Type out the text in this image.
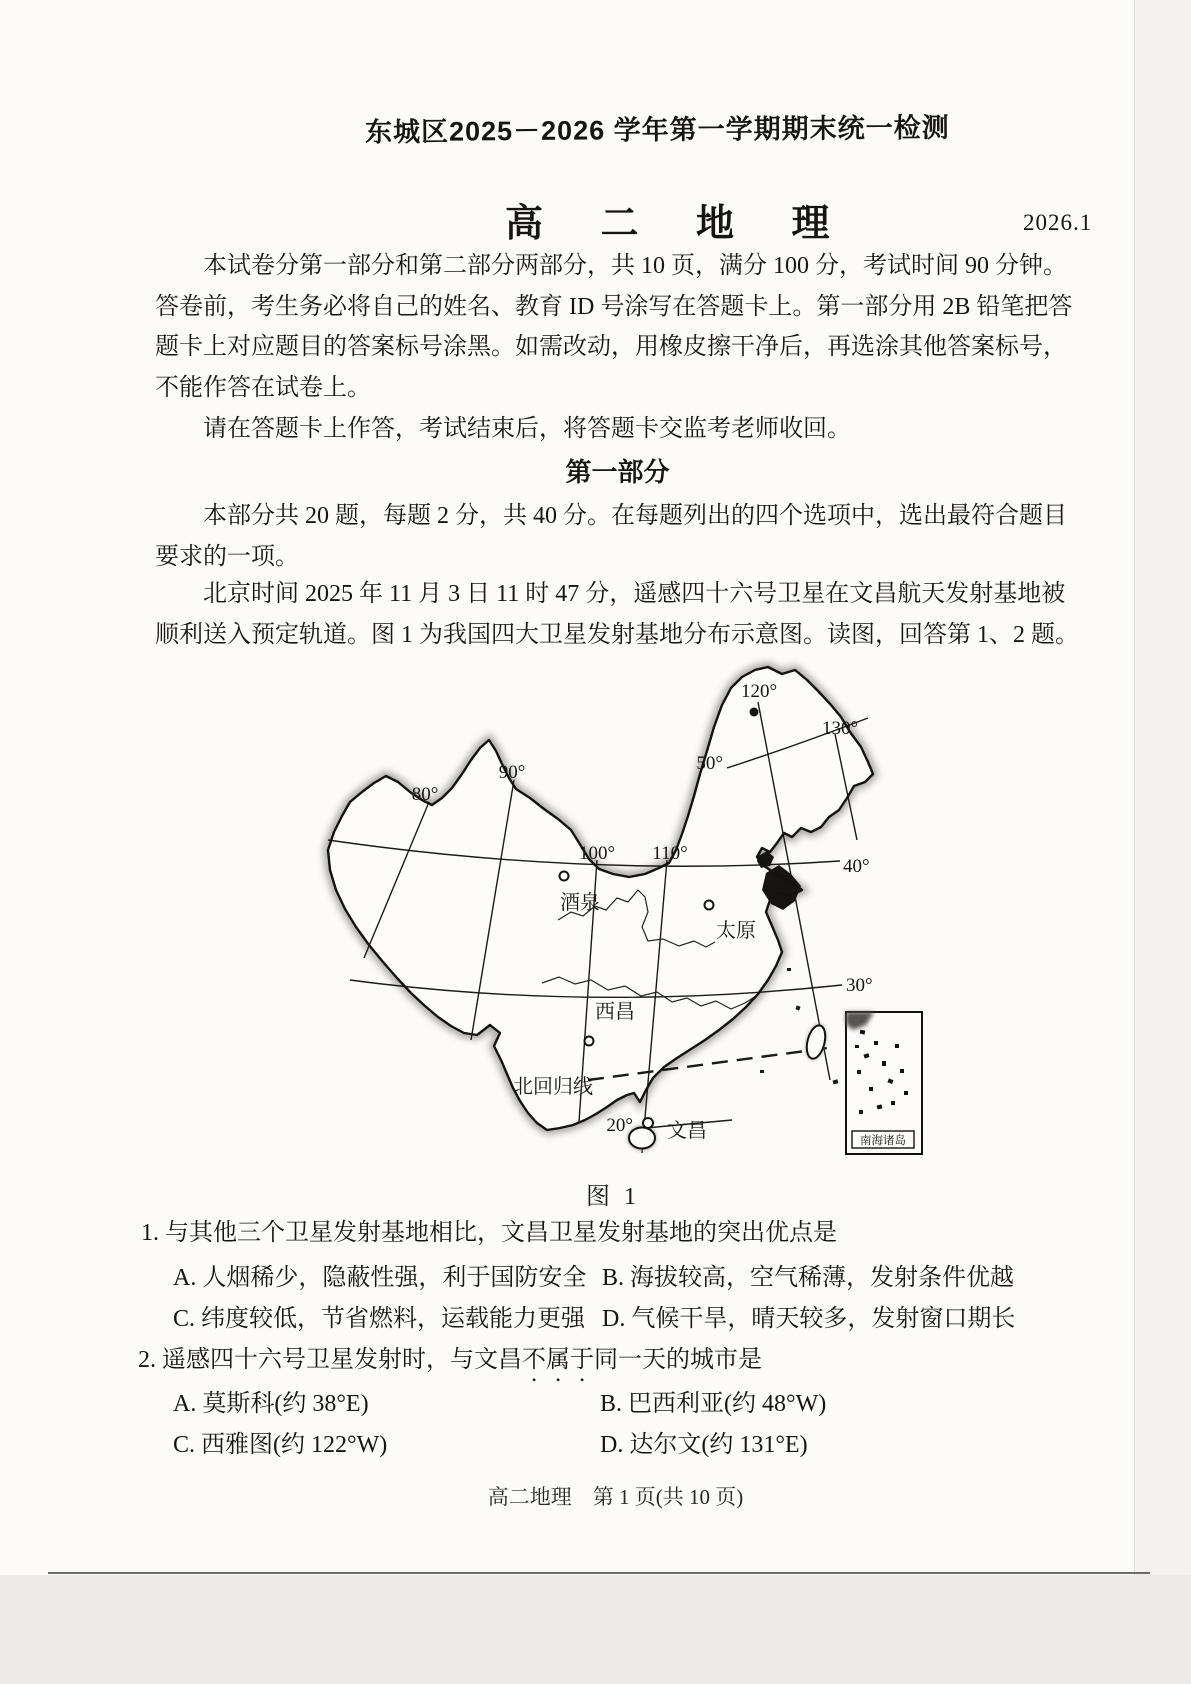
东城区2025－2026 学年第一学期期末统一检测
高 二 地 理	2026.1
本试卷分第一部分和第二部分两部分，共 10 页，满分 100 分，考试时间 90 分钟。
答卷前，考生务必将自己的姓名、教育 ID 号涂写在答题卡上。第一部分用 2B 铅笔把答
题卡上对应题目的答案标号涂黑。如需改动，用橡皮擦干净后，再选涂其他答案标号，
不能作答在试卷上。
请在答题卡上作答，考试结束后，将答题卡交监考老师收回。
第一部分
本部分共 20 题，每题 2 分，共 40 分。在每题列出的四个选项中，选出最符合题目
要求的一项。
北京时间 2025 年 11 月 3 日 11 时 47 分，遥感四十六号卫星在文昌航天发射基地被
顺利送入预定轨道。图 1 为我国四大卫星发射基地分布示意图。读图，回答第 1、2 题。
南海诸岛
80°
90°
100° 110°
120°
130°
50°
40°
30°
20°
酒泉
太原
西昌
文昌
北回归线
图 1
1. 与其他三个卫星发射基地相比，文昌卫星发射基地的突出优点是
A. 人烟稀少，隐蔽性强，利于国防安全 B. 海拔较高，空气稀薄，发射条件优越
C. 纬度较低，节省燃料，运载能力更强 D. 气候干旱，晴天较多，发射窗口期长
2. 遥感四十六号卫星发射时，与文昌不属于同一天的城市是
A. 莫斯科(约 38°E)	B. 巴西利亚(约 48°W)
C. 西雅图(约 122°W)	D. 达尔文(约 131°E)
高二地理　第 1 页(共 10 页)
